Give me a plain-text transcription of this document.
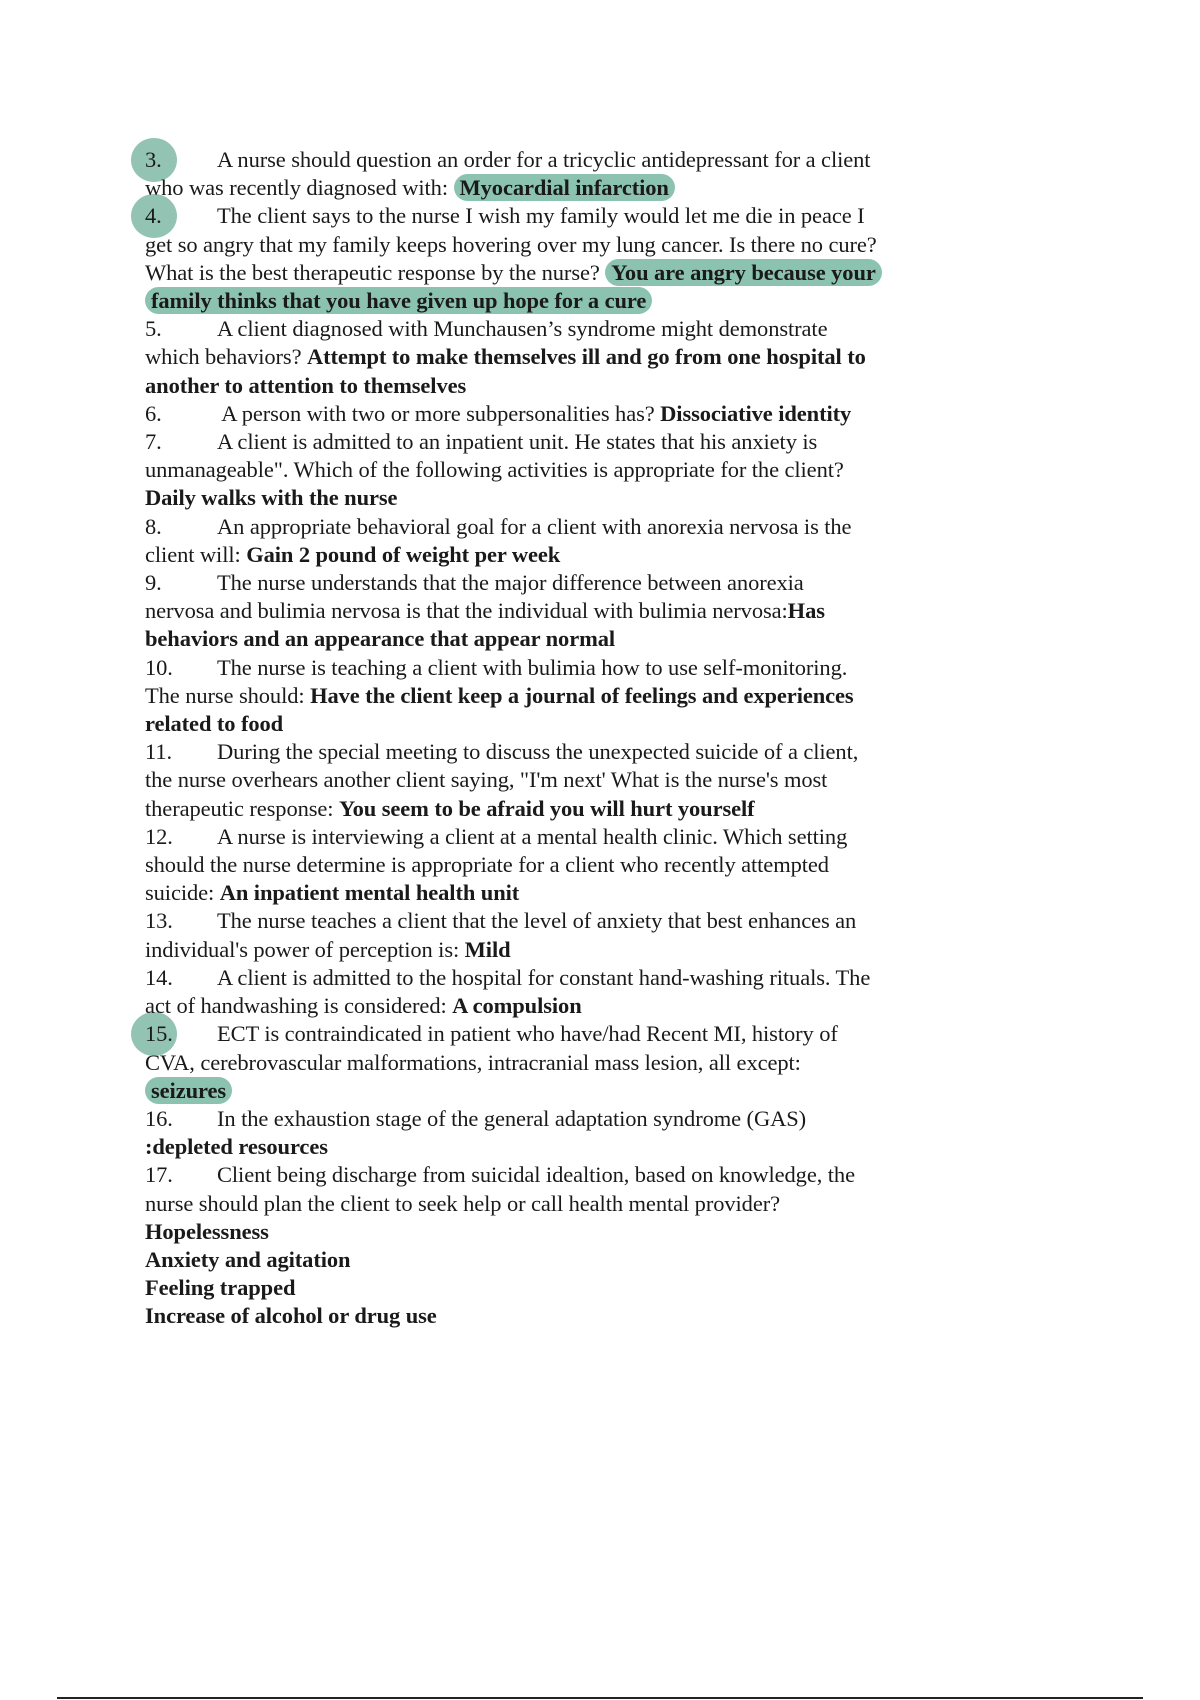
3. A nurse should question an order for a tricyclic antidepressant for a client who was recently diagnosed with: Myocardial infarction

4. The client says to the nurse I wish my family would let me die in peace I get so angry that my family keeps hovering over my lung cancer. Is there no cure? What is the best therapeutic response by the nurse? You are angry because your family thinks that you have given up hope for a cure

5. A client diagnosed with Munchausen’s syndrome might demonstrate which behaviors? Attempt to make themselves ill and go from one hospital to another to attention to themselves

6. A person with two or more subpersonalities has? Dissociative identity

7. A client is admitted to an inpatient unit. He states that his anxiety is unmanageable". Which of the following activities is appropriate for the client?Daily walks with the nurse

8. An appropriate behavioral goal for a client with anorexia nervosa is the client will: Gain 2 pound of weight per week

9. The nurse understands that the major difference between anorexia nervosa and bulimia nervosa is that the individual with bulimia nervosa:Has behaviors and an appearance that appear normal

10. The nurse is teaching a client with bulimia how to use self-monitoring. The nurse should: Have the client keep a journal of feelings and experiences related to food

11. During the special meeting to discuss the unexpected suicide of a client, the nurse overhears another client saying, "I'm next' What is the nurse's most therapeutic response: You seem to be afraid you will hurt yourself

12. A nurse is interviewing a client at a mental health clinic. Which setting should the nurse determine is appropriate for a client who recently attempted suicide: An inpatient mental health unit

13. The nurse teaches a client that the level of anxiety that best enhances an individual's power of perception is: Mild

14. A client is admitted to the hospital for constant hand-washing rituals. The act of handwashing is considered: A compulsion

15. ECT is contraindicated in patient who have/had Recent MI, history of CVA, cerebrovascular malformations, intracranial mass lesion, all except: seizures

16. In the exhaustion stage of the general adaptation syndrome (GAS) :depleted resources

17. Client being discharge from suicidal idealtion, based on knowledge, the nurse should plan the client to seek help or call health mental provider?

Hopelessness

Anxiety and agitation

Feeling trapped

Increase of alcohol or drug use
